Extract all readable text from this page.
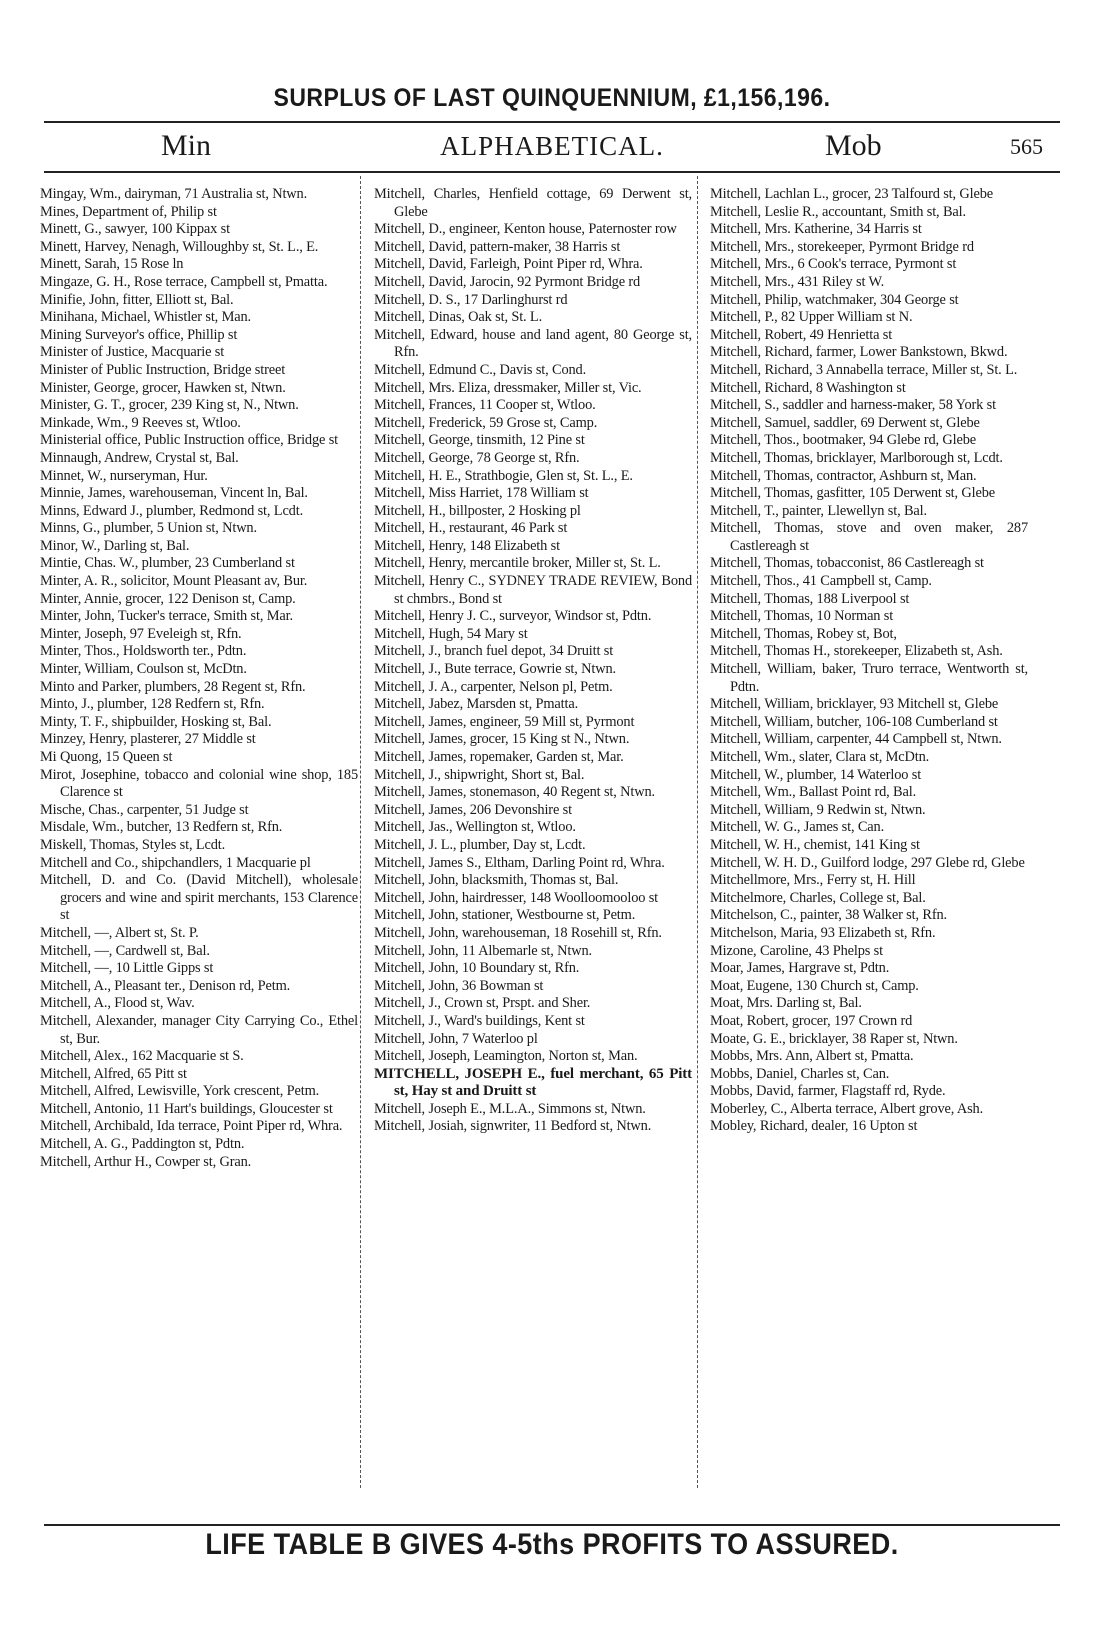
SURPLUS OF LAST QUINQUENNIUM, £1,156,196.
Min	ALPHABETICAL.	Mob	565

Mingay, Wm., dairyman, 71 Australia st, Ntwn.

Mines, Department of, Philip st

Minett, G., sawyer, 100 Kippax st

Minett, Harvey, Nenagh, Willoughby st, St. L., E.

Minett, Sarah, 15 Rose ln

Mingaze, G. H., Rose terrace, Campbell st, Pmatta.

Minifie, John, fitter, Elliott st, Bal.

Minihana, Michael, Whistler st, Man.

Mining Surveyor's office, Phillip st

Minister of Justice, Macquarie st

Minister of Public Instruction, Bridge street

Minister, George, grocer, Hawken st, Ntwn.

Minister, G. T., grocer, 239 King st, N., Ntwn.

Minkade, Wm., 9 Reeves st, Wtloo.

Ministerial office, Public Instruction office, Bridge st

Minnaugh, Andrew, Crystal st, Bal.

Minnet, W., nurseryman, Hur.

Minnie, James, warehouseman, Vincent ln, Bal.

Minns, Edward J., plumber, Redmond st, Lcdt.

Minns, G., plumber, 5 Union st, Ntwn.

Minor, W., Darling st, Bal.

Mintie, Chas. W., plumber, 23 Cumberland st

Minter, A. R., solicitor, Mount Pleasant av, Bur.

Minter, Annie, grocer, 122 Denison st, Camp.

Minter, John, Tucker's terrace, Smith st, Mar.

Minter, Joseph, 97 Eveleigh st, Rfn.

Minter, Thos., Holdsworth ter., Pdtn.

Minter, William, Coulson st, McDtn.

Minto and Parker, plumbers, 28 Regent st, Rfn.

Minto, J., plumber, 128 Redfern st, Rfn.

Minty, T. F., shipbuilder, Hosking st, Bal.

Minzey, Henry, plasterer, 27 Middle st

Mi Quong, 15 Queen st

Mirot, Josephine, tobacco and colonial wine shop, 185 Clarence st

Mische, Chas., carpenter, 51 Judge st

Misdale, Wm., butcher, 13 Redfern st, Rfn.

Miskell, Thomas, Styles st, Lcdt.

Mitchell and Co., shipchandlers, 1 Macquarie pl

Mitchell, D. and Co. (David Mitchell), wholesale grocers and wine and spirit merchants, 153 Clarence st

Mitchell, —, Albert st, St. P.

Mitchell, —, Cardwell st, Bal.

Mitchell, —, 10 Little Gipps st

Mitchell, A., Pleasant ter., Denison rd, Petm.

Mitchell, A., Flood st, Wav.

Mitchell, Alexander, manager City Carrying Co., Ethel st, Bur.

Mitchell, Alex., 162 Macquarie st S.

Mitchell, Alfred, 65 Pitt st

Mitchell, Alfred, Lewisville, York crescent, Petm.

Mitchell, Antonio, 11 Hart's buildings, Gloucester st

Mitchell, Archibald, Ida terrace, Point Piper rd, Whra.

Mitchell, A. G., Paddington st, Pdtn.

Mitchell, Arthur H., Cowper st, Gran.

Mitchell, Charles, Henfield cottage, 69 Derwent st, Glebe

Mitchell, D., engineer, Kenton house, Paternoster row

Mitchell, David, pattern-maker, 38 Harris st

Mitchell, David, Farleigh, Point Piper rd, Whra.

Mitchell, David, Jarocin, 92 Pyrmont Bridge rd

Mitchell, D. S., 17 Darlinghurst rd

Mitchell, Dinas, Oak st, St. L.

Mitchell, Edward, house and land agent, 80 George st, Rfn.

Mitchell, Edmund C., Davis st, Cond.

Mitchell, Mrs. Eliza, dressmaker, Miller st, Vic.

Mitchell, Frances, 11 Cooper st, Wtloo.

Mitchell, Frederick, 59 Grose st, Camp.

Mitchell, George, tinsmith, 12 Pine st

Mitchell, George, 78 George st, Rfn.

Mitchell, H. E., Strathbogie, Glen st, St. L., E.

Mitchell, Miss Harriet, 178 William st

Mitchell, H., billposter, 2 Hosking pl

Mitchell, H., restaurant, 46 Park st

Mitchell, Henry, 148 Elizabeth st

Mitchell, Henry, mercantile broker, Miller st, St. L.

Mitchell, Henry C., SYDNEY TRADE REVIEW, Bond st chmbrs., Bond st

Mitchell, Henry J. C., surveyor, Windsor st, Pdtn.

Mitchell, Hugh, 54 Mary st

Mitchell, J., branch fuel depot, 34 Druitt st

Mitchell, J., Bute terrace, Gowrie st, Ntwn.

Mitchell, J. A., carpenter, Nelson pl, Petm.

Mitchell, Jabez, Marsden st, Pmatta.

Mitchell, James, engineer, 59 Mill st, Pyrmont

Mitchell, James, grocer, 15 King st N., Ntwn.

Mitchell, James, ropemaker, Garden st, Mar.

Mitchell, J., shipwright, Short st, Bal.

Mitchell, James, stonemason, 40 Regent st, Ntwn.

Mitchell, James, 206 Devonshire st

Mitchell, Jas., Wellington st, Wtloo.

Mitchell, J. L., plumber, Day st, Lcdt.

Mitchell, James S., Eltham, Darling Point rd, Whra.

Mitchell, John, blacksmith, Thomas st, Bal.

Mitchell, John, hairdresser, 148 Woolloomooloo st

Mitchell, John, stationer, Westbourne st, Petm.

Mitchell, John, warehouseman, 18 Rosehill st, Rfn.

Mitchell, John, 11 Albemarle st, Ntwn.

Mitchell, John, 10 Boundary st, Rfn.

Mitchell, John, 36 Bowman st

Mitchell, J., Crown st, Prspt. and Sher.

Mitchell, J., Ward's buildings, Kent st

Mitchell, John, 7 Waterloo pl

Mitchell, Joseph, Leamington, Norton st, Man.

MITCHELL, JOSEPH E., fuel merchant, 65 Pitt st, Hay st and Druitt st

Mitchell, Joseph E., M.L.A., Simmons st, Ntwn.

Mitchell, Josiah, signwriter, 11 Bedford st, Ntwn.

Mitchell, Lachlan L., grocer, 23 Talfourd st, Glebe

Mitchell, Leslie R., accountant, Smith st, Bal.

Mitchell, Mrs. Katherine, 34 Harris st

Mitchell, Mrs., storekeeper, Pyrmont Bridge rd

Mitchell, Mrs., 6 Cook's terrace, Pyrmont st

Mitchell, Mrs., 431 Riley st W.

Mitchell, Philip, watchmaker, 304 George st

Mitchell, P., 82 Upper William st N.

Mitchell, Robert, 49 Henrietta st

Mitchell, Richard, farmer, Lower Bankstown, Bkwd.

Mitchell, Richard, 3 Annabella terrace, Miller st, St. L.

Mitchell, Richard, 8 Washington st

Mitchell, S., saddler and harness-maker, 58 York st

Mitchell, Samuel, saddler, 69 Derwent st, Glebe

Mitchell, Thos., bootmaker, 94 Glebe rd, Glebe

Mitchell, Thomas, bricklayer, Marlborough st, Lcdt.

Mitchell, Thomas, contractor, Ashburn st, Man.

Mitchell, Thomas, gasfitter, 105 Derwent st, Glebe

Mitchell, T., painter, Llewellyn st, Bal.

Mitchell, Thomas, stove and oven maker, 287 Castlereagh st

Mitchell, Thomas, tobacconist, 86 Castlereagh st

Mitchell, Thos., 41 Campbell st, Camp.

Mitchell, Thomas, 188 Liverpool st

Mitchell, Thomas, 10 Norman st

Mitchell, Thomas, Robey st, Bot,

Mitchell, Thomas H., storekeeper, Elizabeth st, Ash.

Mitchell, William, baker, Truro terrace, Wentworth st, Pdtn.

Mitchell, William, bricklayer, 93 Mitchell st, Glebe

Mitchell, William, butcher, 106-108 Cumberland st

Mitchell, William, carpenter, 44 Campbell st, Ntwn.

Mitchell, Wm., slater, Clara st, McDtn.

Mitchell, W., plumber, 14 Waterloo st

Mitchell, Wm., Ballast Point rd, Bal.

Mitchell, William, 9 Redwin st, Ntwn.

Mitchell, W. G., James st, Can.

Mitchell, W. H., chemist, 141 King st

Mitchell, W. H. D., Guilford lodge, 297 Glebe rd, Glebe

Mitchellmore, Mrs., Ferry st, H. Hill

Mitchelmore, Charles, College st, Bal.

Mitchelson, C., painter, 38 Walker st, Rfn.

Mitchelson, Maria, 93 Elizabeth st, Rfn.

Mizone, Caroline, 43 Phelps st

Moar, James, Hargrave st, Pdtn.

Moat, Eugene, 130 Church st, Camp.

Moat, Mrs. Darling st, Bal.

Moat, Robert, grocer, 197 Crown rd

Moate, G. E., bricklayer, 38 Raper st, Ntwn.

Mobbs, Mrs. Ann, Albert st, Pmatta.

Mobbs, Daniel, Charles st, Can.

Mobbs, David, farmer, Flagstaff rd, Ryde.

Moberley, C., Alberta terrace, Albert grove, Ash.

Mobley, Richard, dealer, 16 Upton st

LIFE TABLE B GIVES 4-5ths PROFITS TO ASSURED.
